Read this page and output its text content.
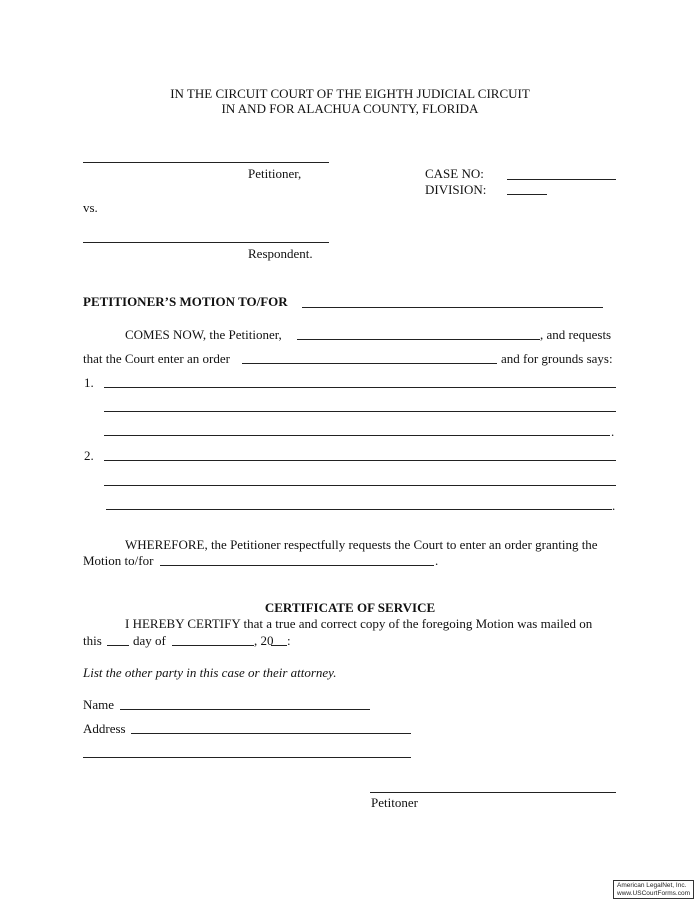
IN THE CIRCUIT COURT OF THE EIGHTH JUDICIAL CIRCUIT
IN AND FOR ALACHUA COUNTY, FLORIDA
Petitioner,	CASE NO:
DIVISION:
vs.
Respondent.
PETITIONER’S MOTION TO/FOR
COMES NOW, the Petitioner,	, and requests
that the Court enter an order	and for grounds says:
1.
.
2.
.
WHEREFORE, the Petitioner respectfully requests the Court to enter an order granting the
Motion to/for	.
CERTIFICATE OF SERVICE
I HEREBY CERTIFY that a true and correct copy of the foregoing Motion was mailed on
this day of	, 20 :
List the other party in this case or their attorney.
Name
Address
Petitoner
American LegalNet, Inc.
www.USCourtForms.com
